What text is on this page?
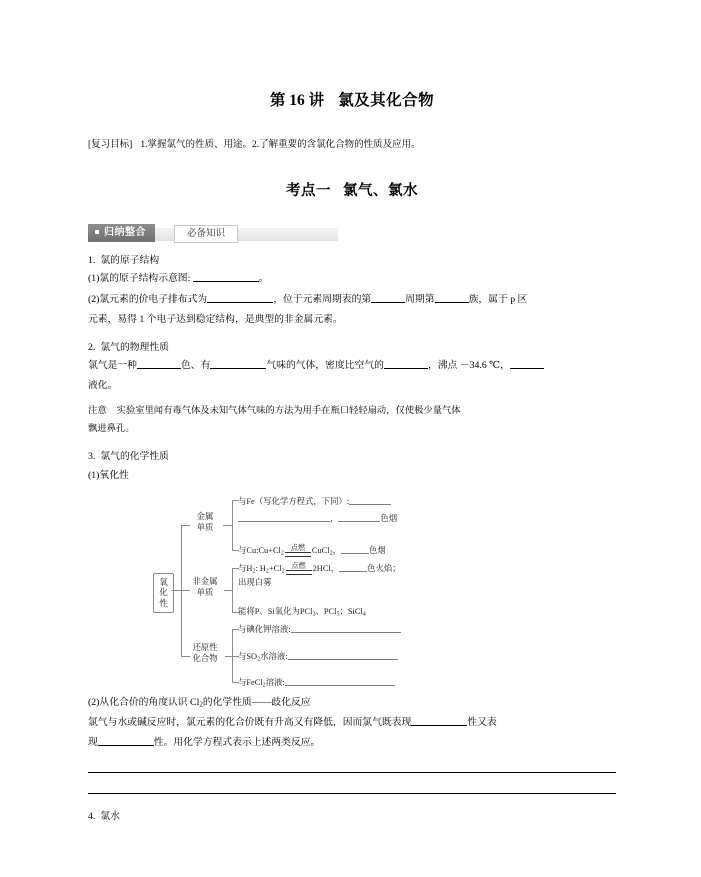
第 16 讲 氯及其化合物
[复习目标] 1.掌握氯气的性质、用途。2.了解重要的含氯化合物的性质及应用。
考点一 氯气、氯水
归纳整合	必备知识
1. 氯的原子结构
(1)氯的原子结构示意图:	。
(2)氯元素的价电子排布式为	，位于元素周期表的第	周期第	族，属于 p 区
元素，易得 1 个电子达到稳定结构，是典型的非金属元素。
2. 氯气的物理性质
氯气是一种	色、有	气味的气体，密度比空气的	，沸点 －34.6 ℃，
液化。
注意 实验室里闻有毒气体及未知气体气味的方法为用手在瓶口轻轻扇动，仅使极少量气体
飘进鼻孔。
3. 氯气的化学性质
(1)氧化性
氧化性
金属
单质
与Fe（写化学方程式，下同）:
，	色烟
与$Cu:Cu+Cl_2$
点燃 CuCl$_2$，	色烟
非金属
单质
与$H_2$: $H_2+Cl_2$
点燃 2HCl，	色火焰；
出现白雾
能将P、Si氧化为PCl$_3$、PCl$_5$；SiCl$_4$
还原性
化合物
与碘化钾溶液:
与$SO_2$水溶液:
与FeCl$_2$溶液:
(2)从化合价的角度认识 $Cl_2$的化学性质——歧化反应
氯气与水或碱反应时，氯元素的化合价既有升高又有降低，因而氯气既表现	性又表
现	性。用化学方程式表示上述两类反应。
4. 氯水
